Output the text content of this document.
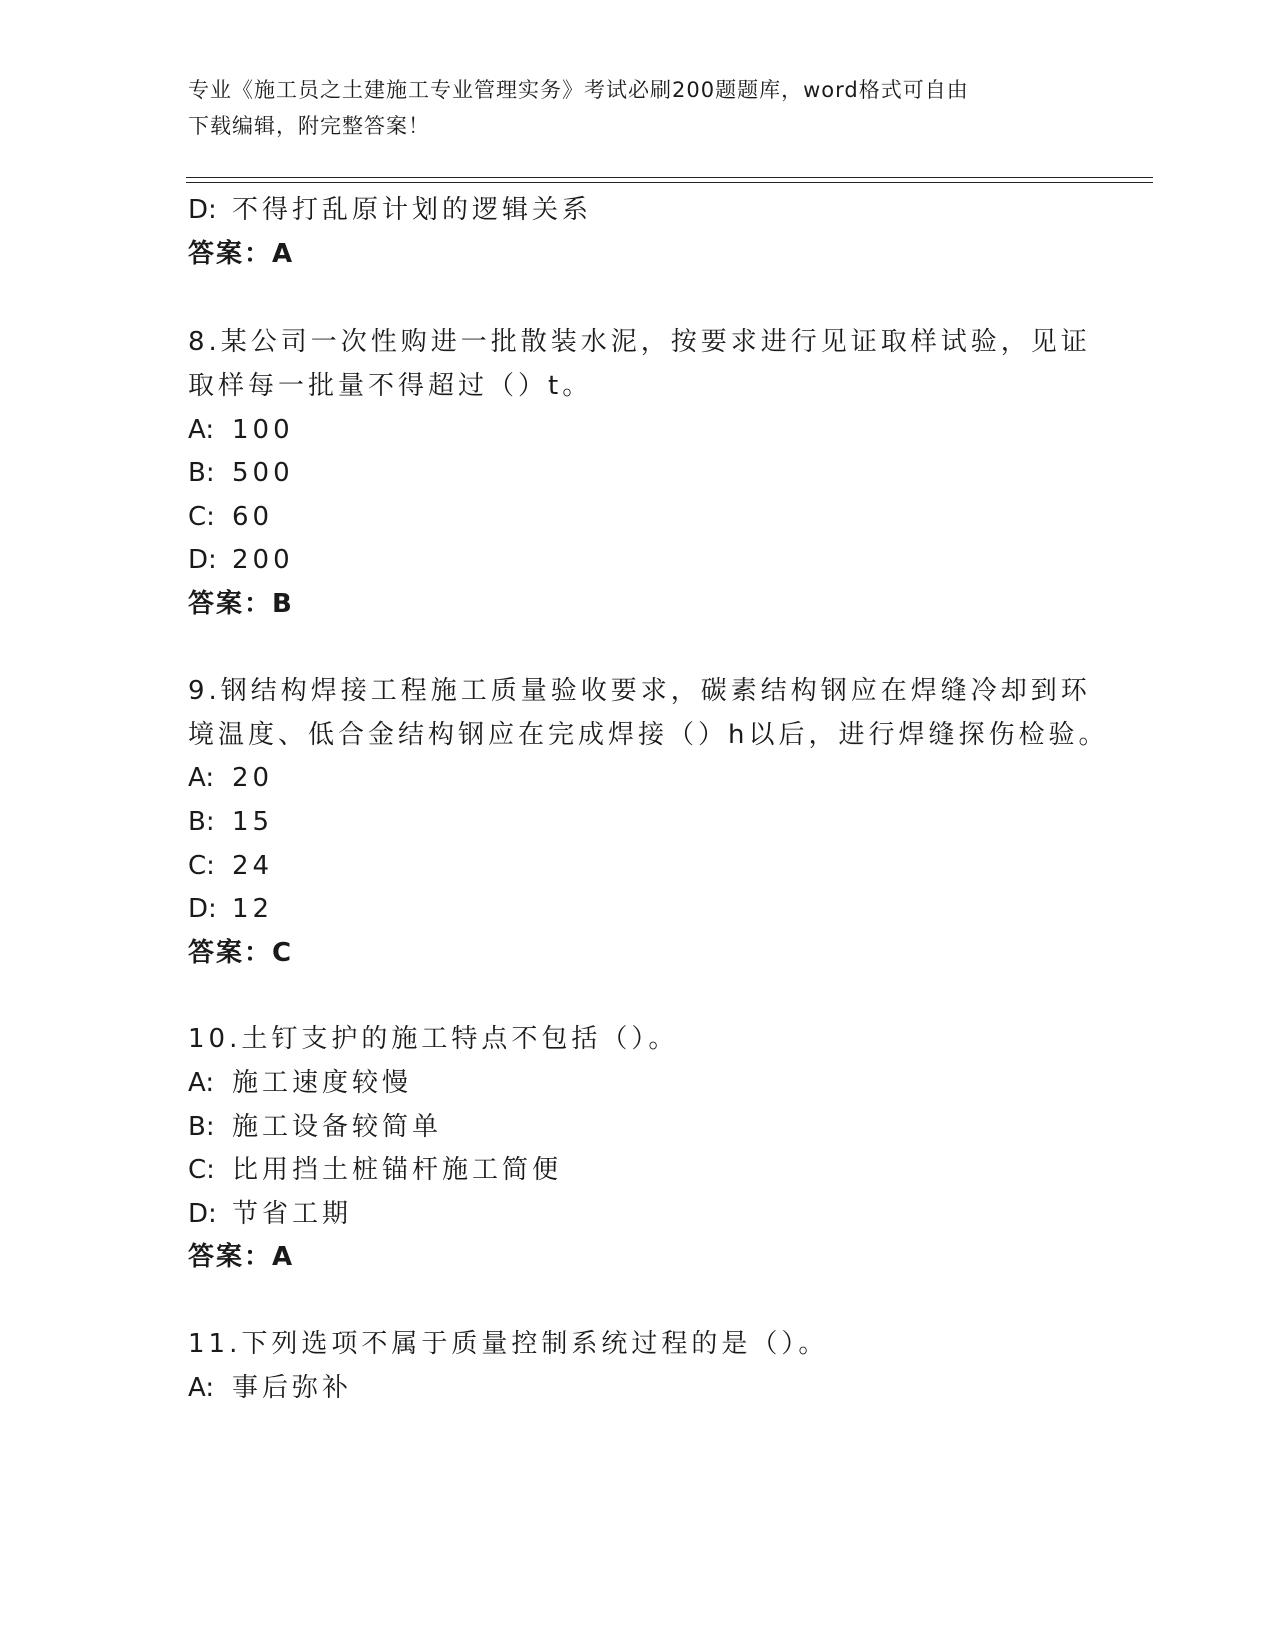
专业《施工员之土建施工专业管理实务》考试必刷200题题库，word格式可自由
下载编辑，附完整答案！
D: 不得打乱原计划的逻辑关系
答案：A
8.某公司一次性购进一批散装水泥，按要求进行见证取样试验，见证
取样每一批量不得超过（）t。
A: 100
B: 500
C: 60
D: 200
答案：B
9.钢结构焊接工程施工质量验收要求，碳素结构钢应在焊缝冷却到环
境温度、低合金结构钢应在完成焊接（）h以后，进行焊缝探伤检验。
A: 20
B: 15
C: 24
D: 12
答案：C
10.土钉支护的施工特点不包括（）。
A: 施工速度较慢
B: 施工设备较简单
C: 比用挡土桩锚杆施工简便
D: 节省工期
答案：A
11.下列选项不属于质量控制系统过程的是（）。
A: 事后弥补
